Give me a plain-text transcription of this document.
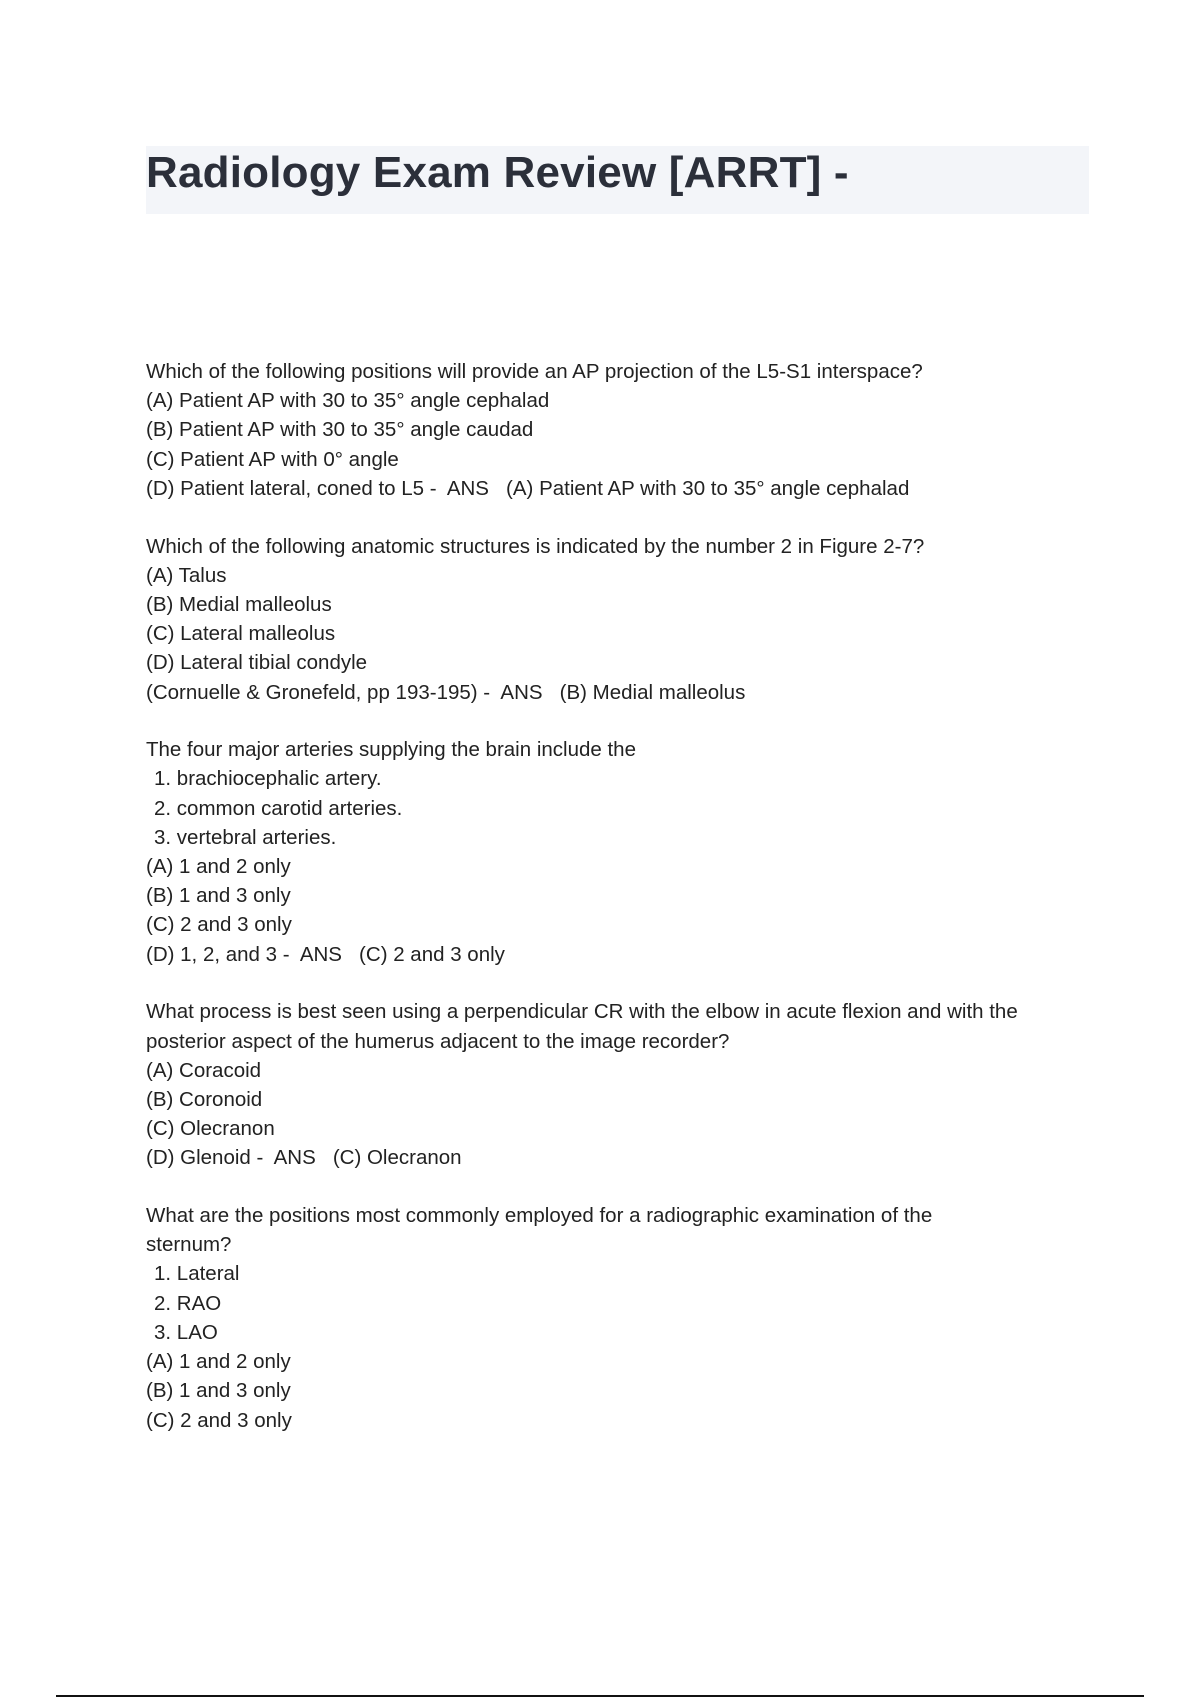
Radiology Exam Review [ARRT] -
Which of the following positions will provide an AP projection of the L5-S1 interspace?
(A) Patient AP with 30 to 35° angle cephalad
(B) Patient AP with 30 to 35° angle caudad
(C) Patient AP with 0° angle
(D) Patient lateral, coned to L5 -  ANS   (A) Patient AP with 30 to 35° angle cephalad
Which of the following anatomic structures is indicated by the number 2 in Figure 2-7?
(A) Talus
(B) Medial malleolus
(C) Lateral malleolus
(D) Lateral tibial condyle
(Cornuelle & Gronefeld, pp 193-195) -  ANS   (B) Medial malleolus
The four major arteries supplying the brain include the
1. brachiocephalic artery.
2. common carotid arteries.
3. vertebral arteries.
(A) 1 and 2 only
(B) 1 and 3 only
(C) 2 and 3 only
(D) 1, 2, and 3 -  ANS   (C) 2 and 3 only
What process is best seen using a perpendicular CR with the elbow in acute flexion and with the
posterior aspect of the humerus adjacent to the image recorder?
(A) Coracoid
(B) Coronoid
(C) Olecranon
(D) Glenoid -  ANS   (C) Olecranon
What are the positions most commonly employed for a radiographic examination of the
sternum?
1. Lateral
2. RAO
3. LAO
(A) 1 and 2 only
(B) 1 and 3 only
(C) 2 and 3 only
